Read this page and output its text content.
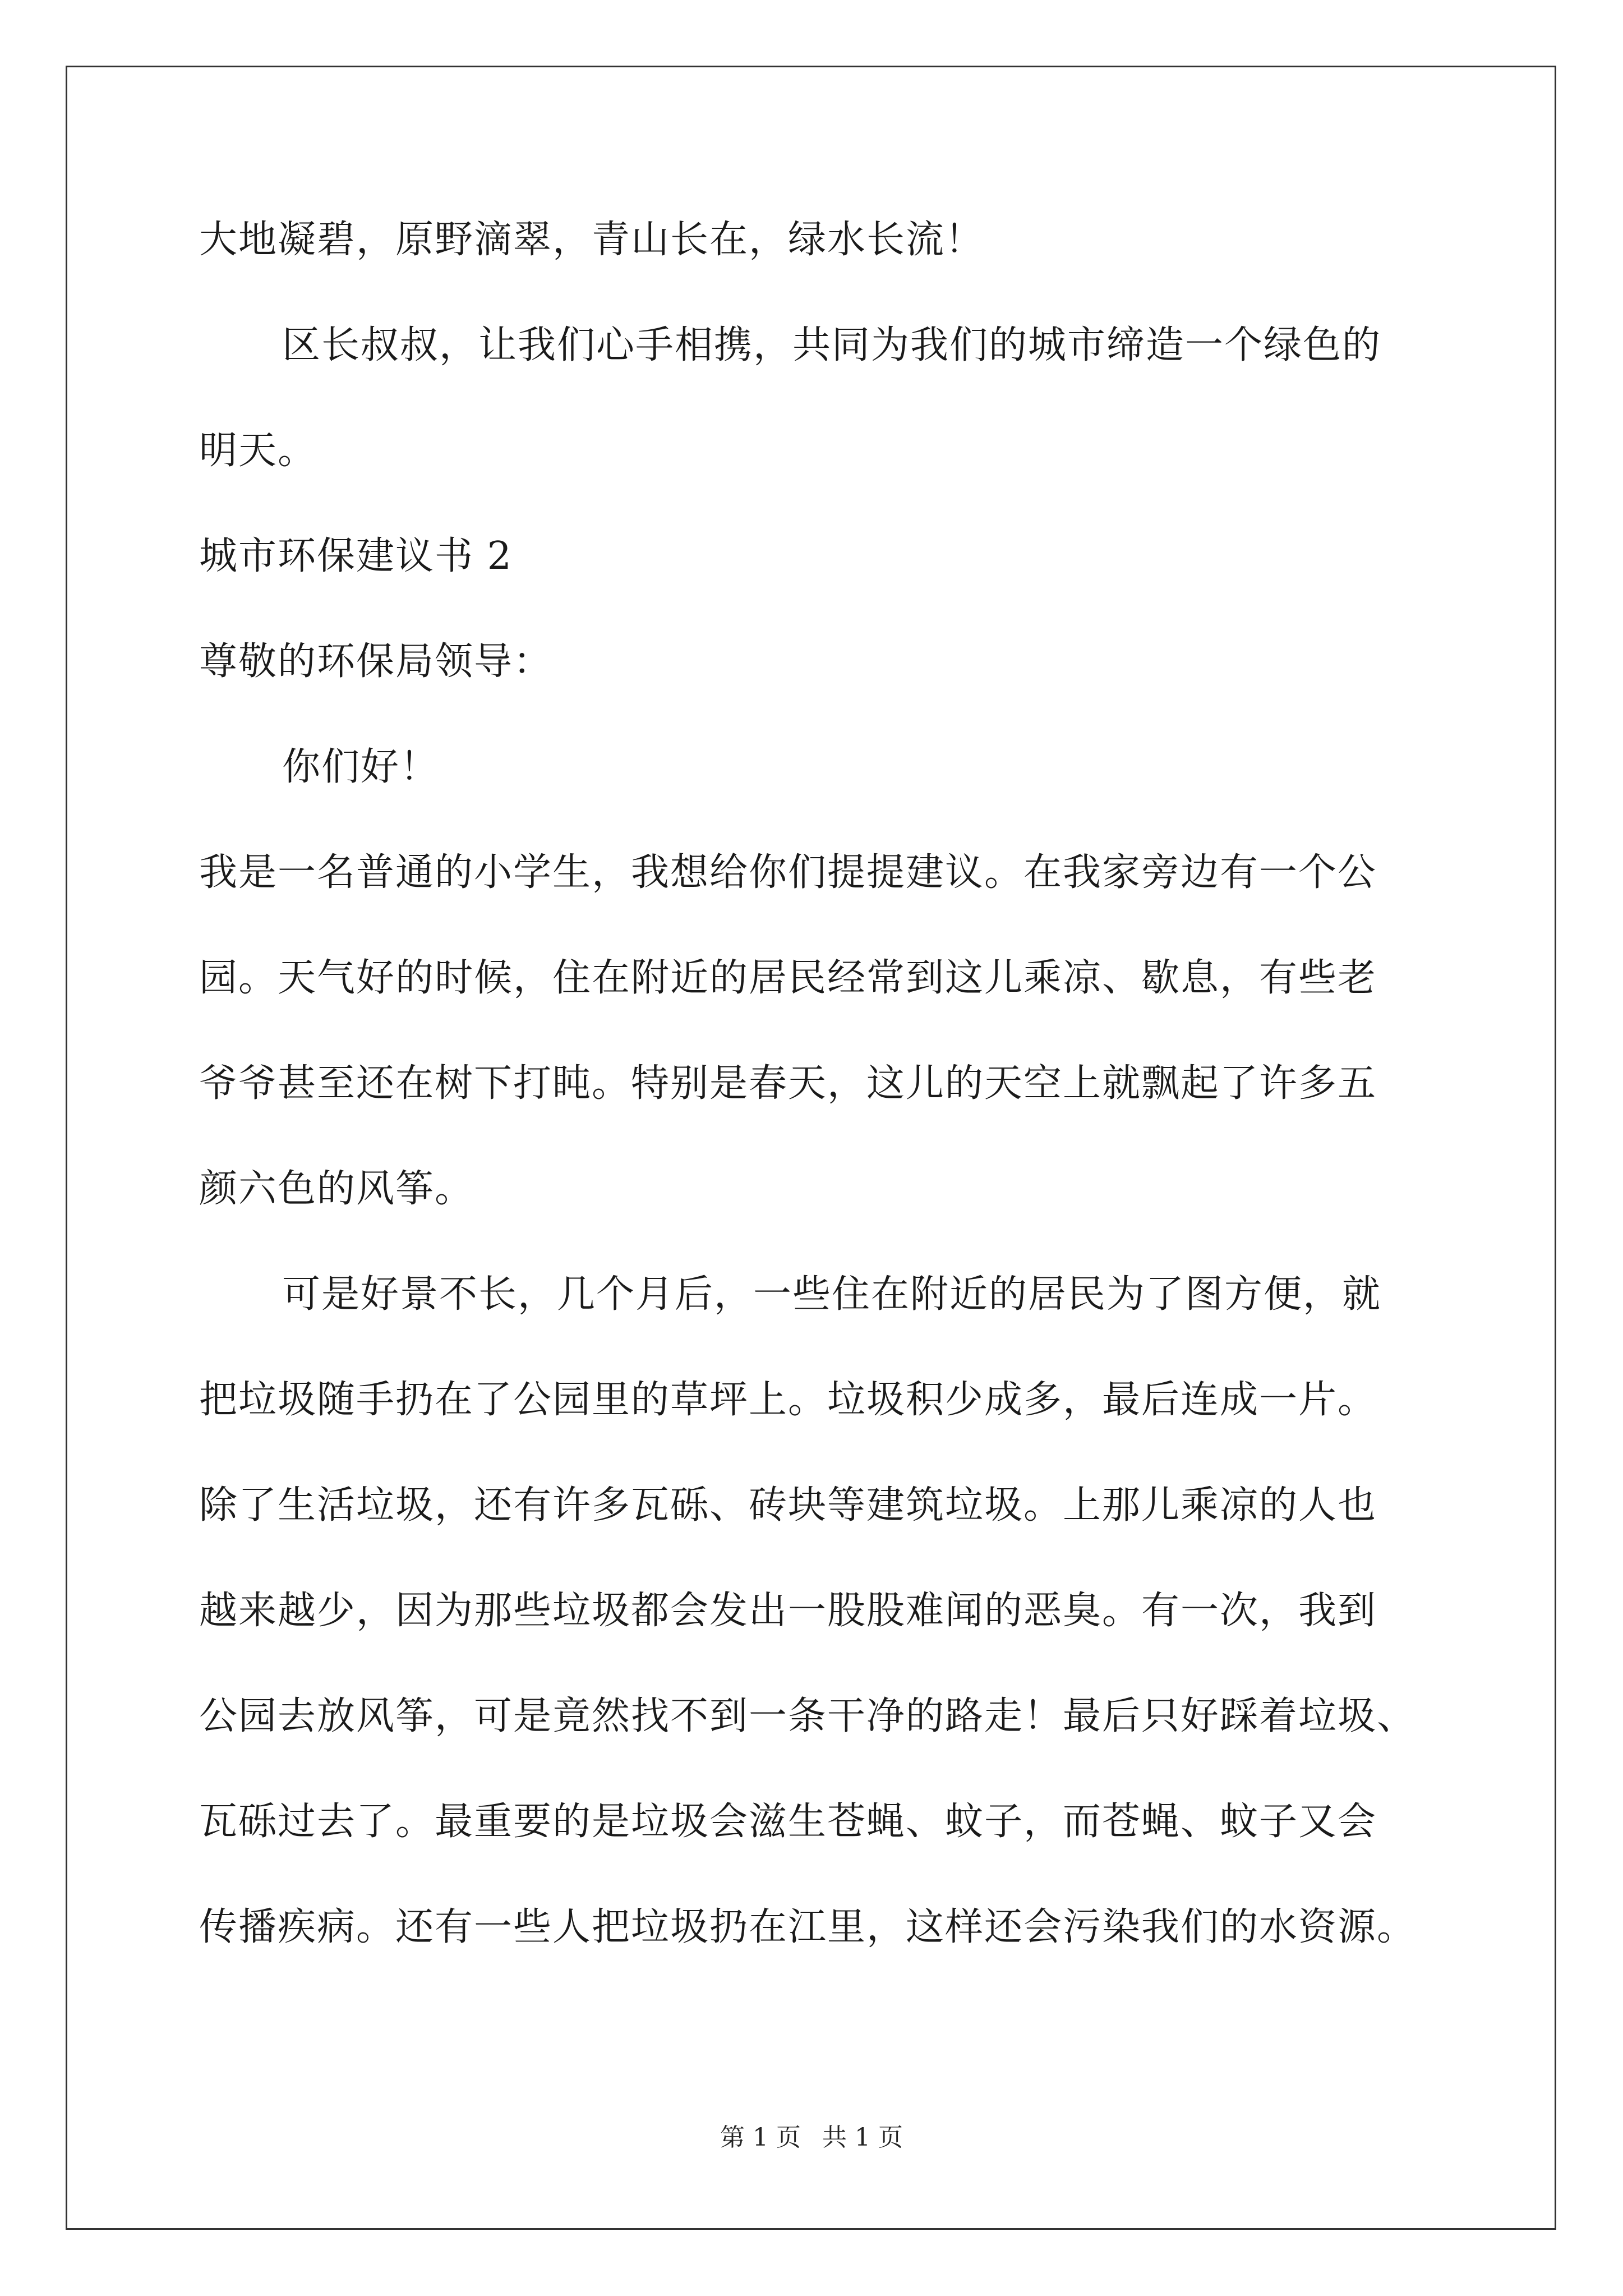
大地凝碧，原野滴翠，青山长在，绿水长流！
区长叔叔，让我们心手相携，共同为我们的城市缔造一个绿色的
明天。
城市环保建议书 2
尊敬的环保局领导：
你们好！
我是一名普通的小学生，我想给你们提提建议。在我家旁边有一个公
园。天气好的时候，住在附近的居民经常到这儿乘凉、歇息，有些老
爷爷甚至还在树下打盹。特别是春天，这儿的天空上就飘起了许多五
颜六色的风筝。
可是好景不长，几个月后，一些住在附近的居民为了图方便，就
把垃圾随手扔在了公园里的草坪上。垃圾积少成多，最后连成一片。
除了生活垃圾，还有许多瓦砾、砖块等建筑垃圾。上那儿乘凉的人也
越来越少，因为那些垃圾都会发出一股股难闻的恶臭。有一次，我到
公园去放风筝，可是竟然找不到一条干净的路走！最后只好踩着垃圾、
瓦砾过去了。最重要的是垃圾会滋生苍蝇、蚊子，而苍蝇、蚊子又会
传播疾病。还有一些人把垃圾扔在江里，这样还会污染我们的水资源。
第 1 页 共 1 页
